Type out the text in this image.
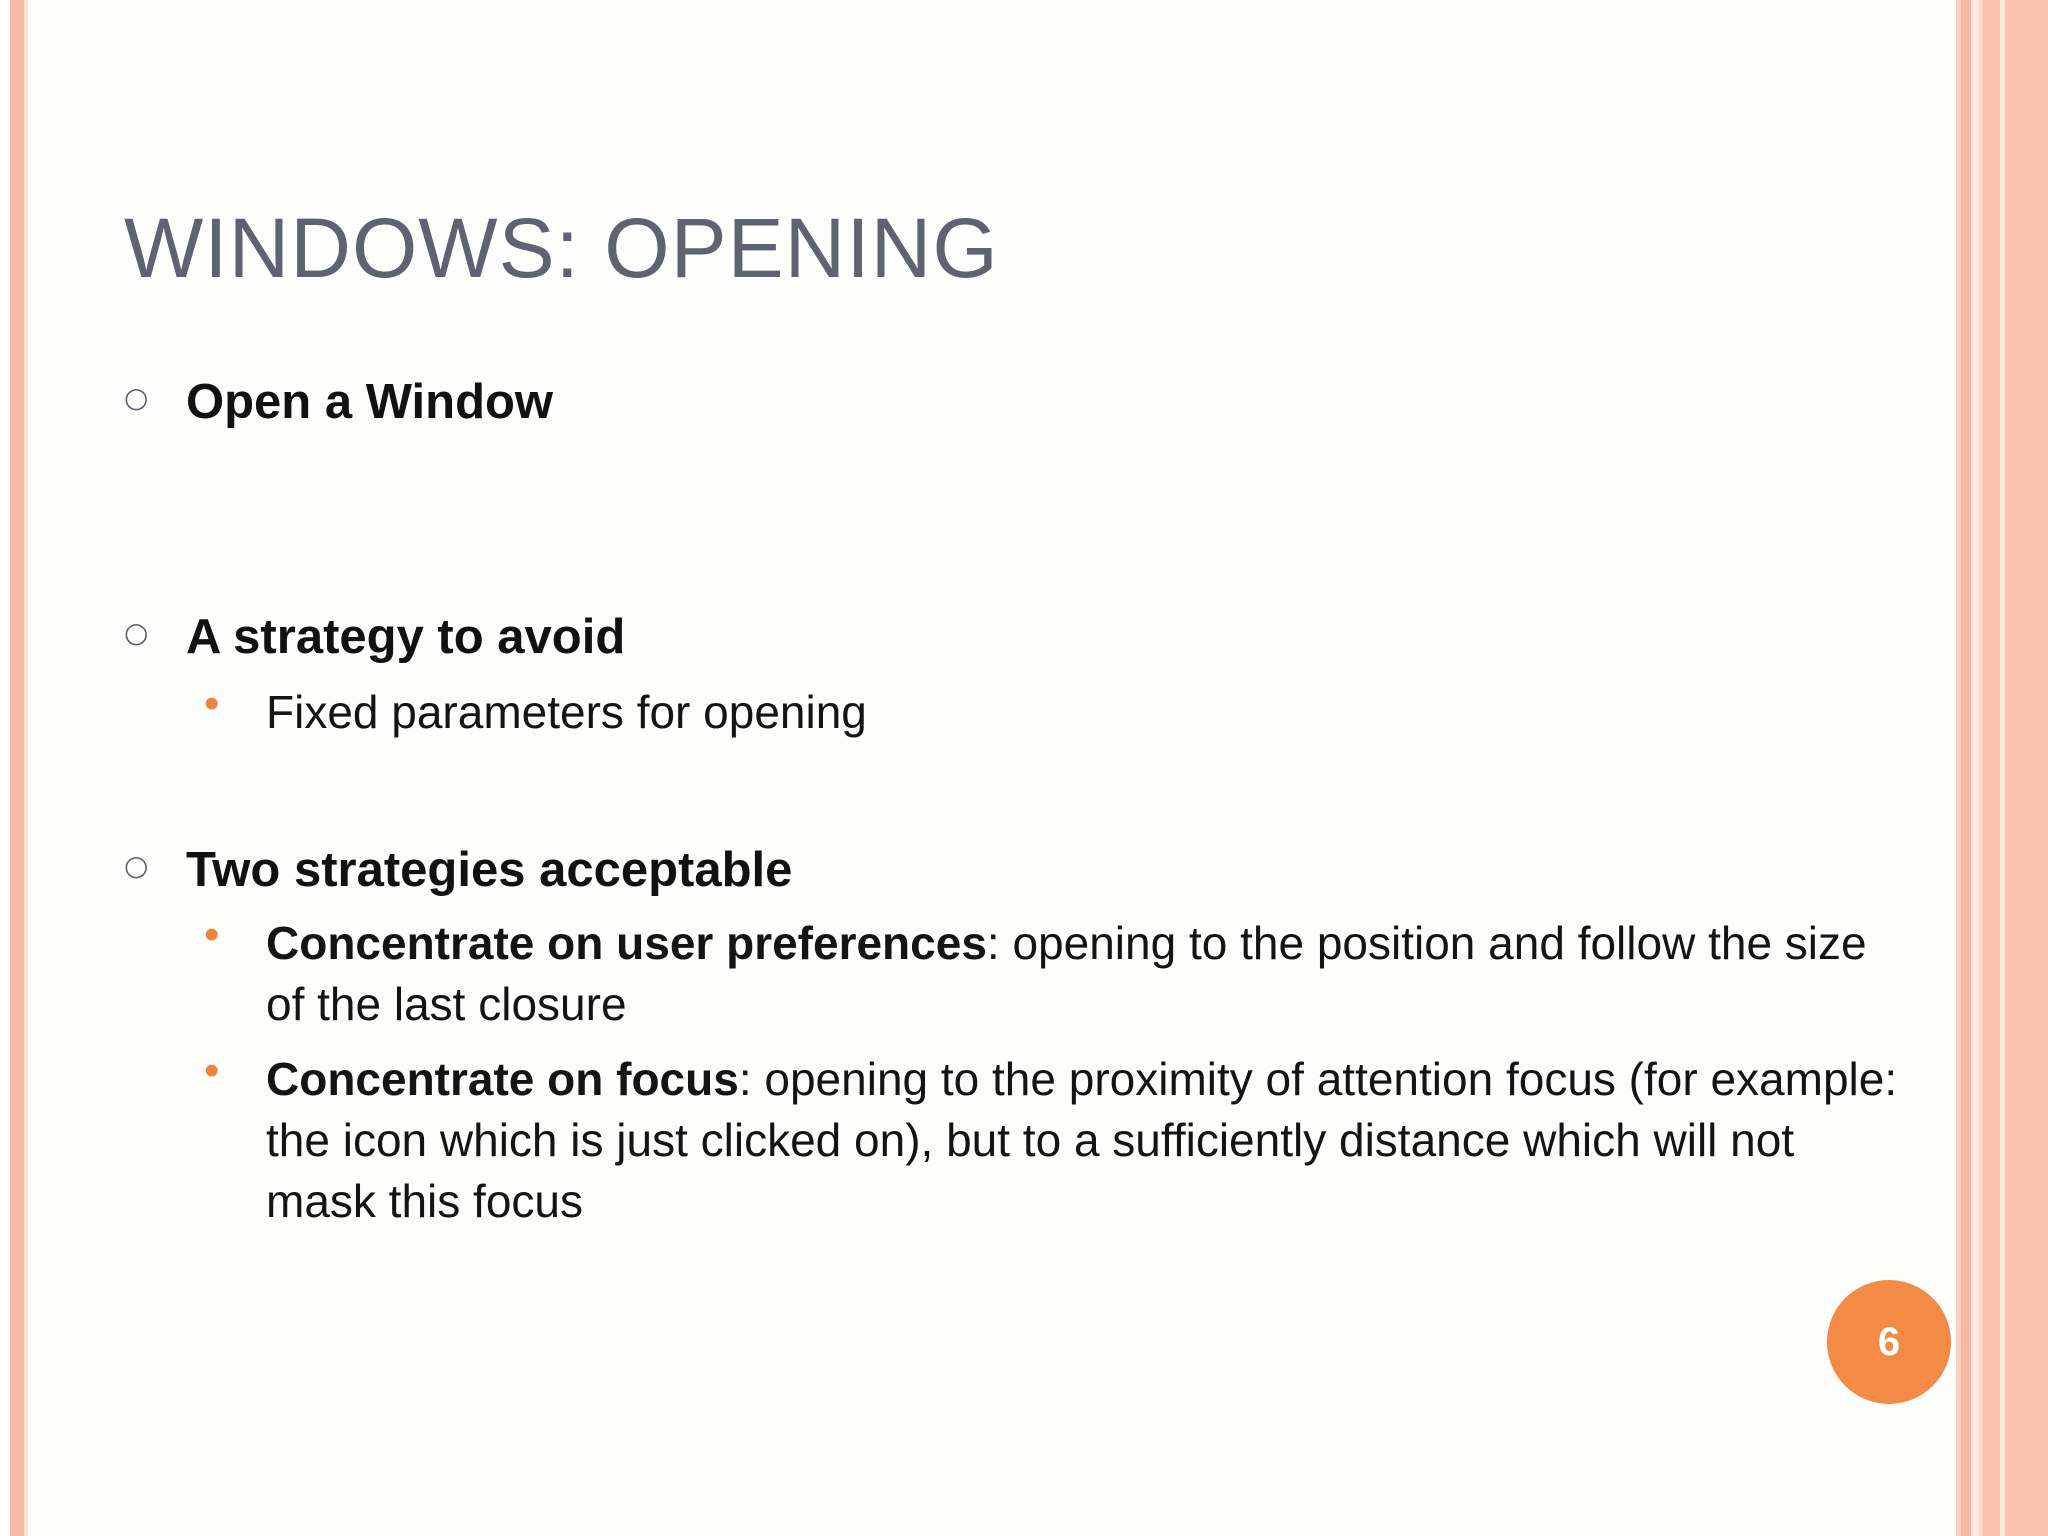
WINDOWS: OPENING
○ Open a Window
○ A strategy to avoid
• Fixed parameters for opening
○ Two strategies acceptable
• Concentrate on user preferences: opening to the position and follow the size of the last closure
• Concentrate on focus: opening to the proximity of attention focus (for example: the icon which is just clicked on), but to a sufficiently distance which will not mask this focus
6
